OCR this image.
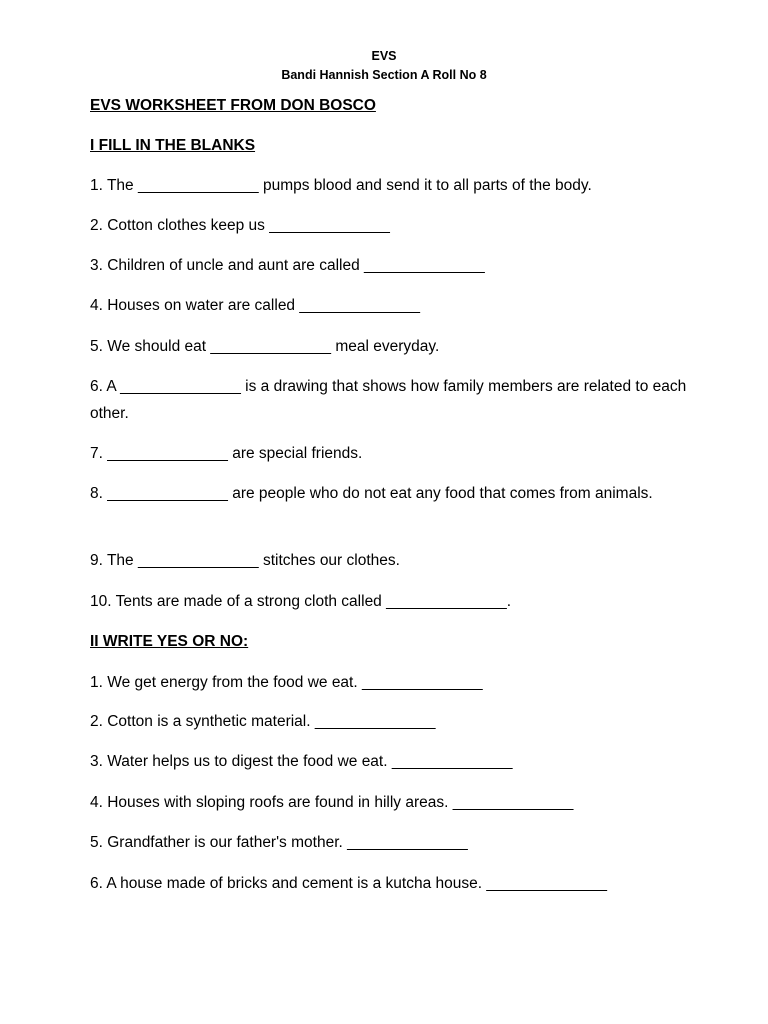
EVS
Bandi Hannish Section A Roll No 8
EVS WORKSHEET FROM DON BOSCO
I FILL IN THE BLANKS
1. The ______________ pumps blood and send it to all parts of the body.
2. Cotton clothes keep us ______________
3. Children of uncle and aunt are called ______________
4. Houses on water are called ______________
5. We should eat ______________ meal everyday.
6. A ______________ is a drawing that shows how family members are related to each other.
7. ______________ are special friends.
8. ______________ are people who do not eat any food that comes from animals.
9. The ______________ stitches our clothes.
10. Tents are made of a strong cloth called ______________.
II WRITE YES OR NO:
1. We get energy from the food we eat. ______________
2. Cotton is a synthetic material. ______________
3. Water helps us to digest the food we eat. ______________
4. Houses with sloping roofs are found in hilly areas. ______________
5. Grandfather is our father's mother. ______________
6. A house made of bricks and cement is a kutcha house. ______________
